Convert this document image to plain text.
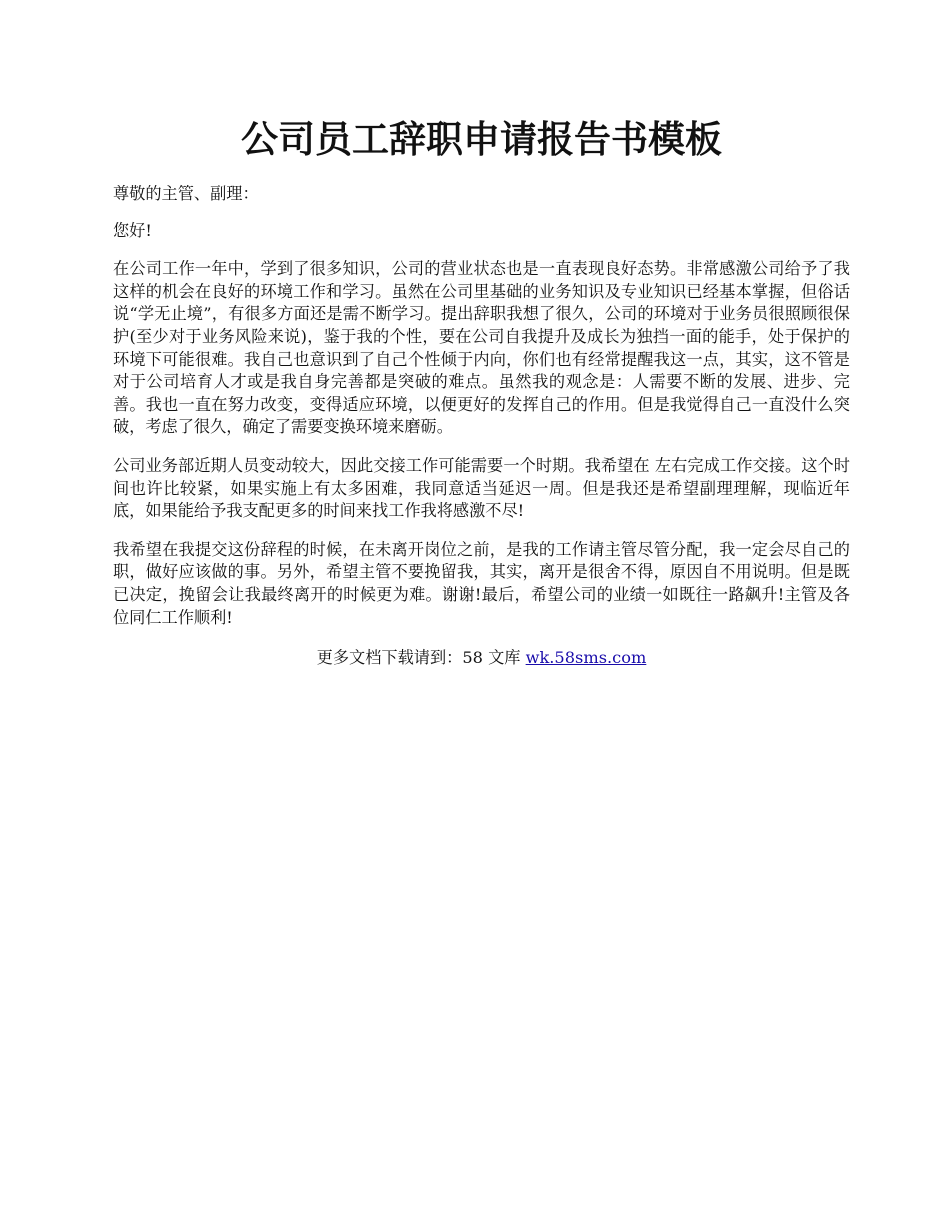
公司员工辞职申请报告书模板

尊敬的主管、副理：

您好!

在公司工作一年中，学到了很多知识，公司的营业状态也是一直表现良好态势。非常感激公司给予了我这样的机会在良好的环境工作和学习。虽然在公司里基础的业务知识及专业知识已经基本掌握，但俗话说“学无止境”，有很多方面还是需不断学习。提出辞职我想了很久，公司的环境对于业务员很照顾很保护(至少对于业务风险来说)，鉴于我的个性，要在公司自我提升及成长为独挡一面的能手，处于保护的环境下可能很难。我自己也意识到了自己个性倾于内向，你们也有经常提醒我这一点，其实，这不管是对于公司培育人才或是我自身完善都是突破的难点。虽然我的观念是：人需要不断的发展、进步、完善。我也一直在努力改变，变得适应环境，以便更好的发挥自己的作用。但是我觉得自己一直没什么突破，考虑了很久，确定了需要变换环境来磨砺。

公司业务部近期人员变动较大，因此交接工作可能需要一个时期。我希望在 左右完成工作交接。这个时间也许比较紧，如果实施上有太多困难，我同意适当延迟一周。但是我还是希望副理理解，现临近年底，如果能给予我支配更多的时间来找工作我将感激不尽!

我希望在我提交这份辞程的时候，在未离开岗位之前，是我的工作请主管尽管分配，我一定会尽自己的职，做好应该做的事。另外，希望主管不要挽留我，其实，离开是很舍不得，原因自不用说明。但是既已决定，挽留会让我最终离开的时候更为难。谢谢!最后，希望公司的业绩一如既往一路飙升!主管及各位同仁工作顺利!

更多文档下载请到：58 文库 wk.58sms.com
